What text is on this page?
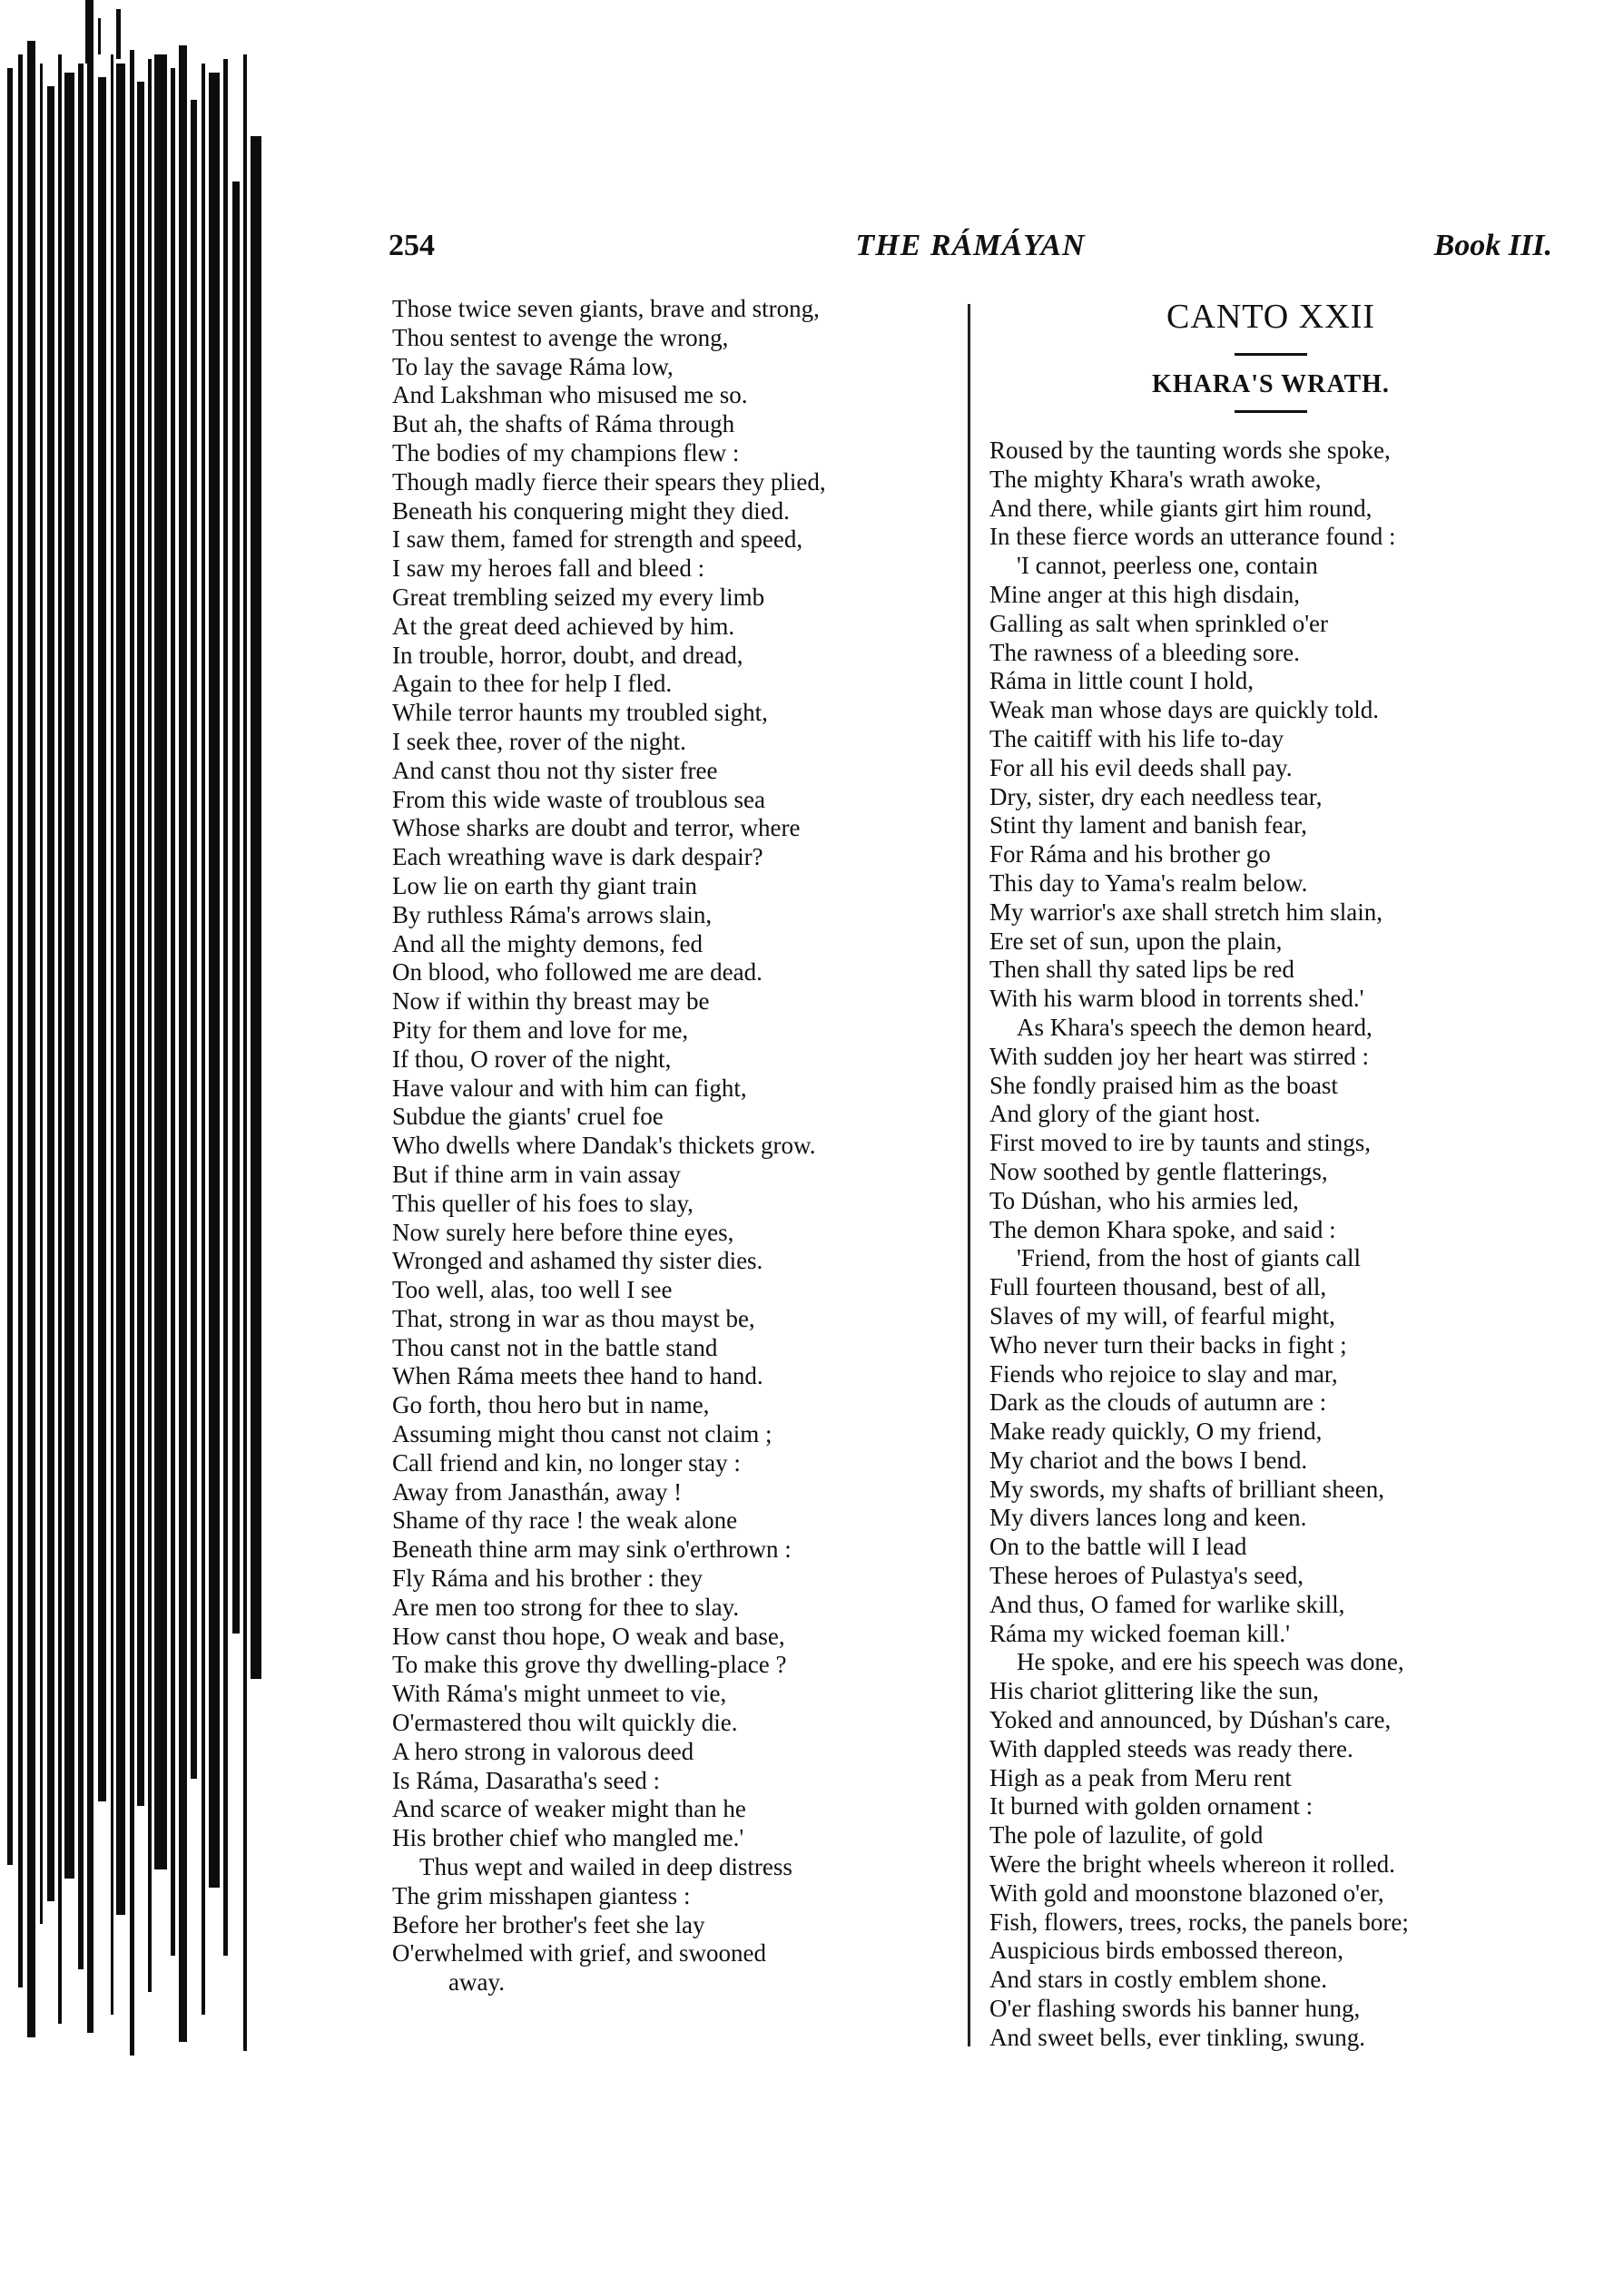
254	THE RÁMÁYAN	Book III.
Those twice seven giants, brave and strong,
Thou sentest to avenge the wrong,
To lay the savage Ráma low,
And Lakshman who misused me so.
But ah, the shafts of Ráma through
The bodies of my champions flew :
Though madly fierce their spears they plied,
Beneath his conquering might they died.
I saw them, famed for strength and speed,
I saw my heroes fall and bleed :
Great trembling seized my every limb
At the great deed achieved by him.
In trouble, horror, doubt, and dread,
Again to thee for help I fled.
While terror haunts my troubled sight,
I seek thee, rover of the night.
And canst thou not thy sister free
From this wide waste of troublous sea
Whose sharks are doubt and terror, where
Each wreathing wave is dark despair?
Low lie on earth thy giant train
By ruthless Ráma's arrows slain,
And all the mighty demons, fed
On blood, who followed me are dead.
Now if within thy breast may be
Pity for them and love for me,
If thou, O rover of the night,
Have valour and with him can fight,
Subdue the giants' cruel foe
Who dwells where Dandak's thickets grow.
But if thine arm in vain assay
This queller of his foes to slay,
Now surely here before thine eyes,
Wronged and ashamed thy sister dies.
Too well, alas, too well I see
That, strong in war as thou mayst be,
Thou canst not in the battle stand
When Ráma meets thee hand to hand.
Go forth, thou hero but in name,
Assuming might thou canst not claim ;
Call friend and kin, no longer stay :
Away from Janasthán, away !
Shame of thy race ! the weak alone
Beneath thine arm may sink o'erthrown :
Fly Ráma and his brother : they
Are men too strong for thee to slay.
How canst thou hope, O weak and base,
To make this grove thy dwelling-place ?
With Ráma's might unmeet to vie,
O'ermastered thou wilt quickly die.
A hero strong in valorous deed
Is Ráma, Dasaratha's seed :
And scarce of weaker might than he
His brother chief who mangled me.'
Thus wept and wailed in deep distress
The grim misshapen giantess :
Before her brother's feet she lay
O'erwhelmed with grief, and swooned
away.
CANTO XXII
KHARA'S WRATH.
Roused by the taunting words she spoke,
The mighty Khara's wrath awoke,
And there, while giants girt him round,
In these fierce words an utterance found :
'I cannot, peerless one, contain
Mine anger at this high disdain,
Galling as salt when sprinkled o'er
The rawness of a bleeding sore.
Ráma in little count I hold,
Weak man whose days are quickly told.
The caitiff with his life to-day
For all his evil deeds shall pay.
Dry, sister, dry each needless tear,
Stint thy lament and banish fear,
For Ráma and his brother go
This day to Yama's realm below.
My warrior's axe shall stretch him slain,
Ere set of sun, upon the plain,
Then shall thy sated lips be red
With his warm blood in torrents shed.'
As Khara's speech the demon heard,
With sudden joy her heart was stirred :
She fondly praised him as the boast
And glory of the giant host.
First moved to ire by taunts and stings,
Now soothed by gentle flatterings,
To Dúshan, who his armies led,
The demon Khara spoke, and said :
'Friend, from the host of giants call
Full fourteen thousand, best of all,
Slaves of my will, of fearful might,
Who never turn their backs in fight ;
Fiends who rejoice to slay and mar,
Dark as the clouds of autumn are :
Make ready quickly, O my friend,
My chariot and the bows I bend.
My swords, my shafts of brilliant sheen,
My divers lances long and keen.
On to the battle will I lead
These heroes of Pulastya's seed,
And thus, O famed for warlike skill,
Ráma my wicked foeman kill.'
He spoke, and ere his speech was done,
His chariot glittering like the sun,
Yoked and announced, by Dúshan's care,
With dappled steeds was ready there.
High as a peak from Meru rent
It burned with golden ornament :
The pole of lazulite, of gold
Were the bright wheels whereon it rolled.
With gold and moonstone blazoned o'er,
Fish, flowers, trees, rocks, the panels bore;
Auspicious birds embossed thereon,
And stars in costly emblem shone.
O'er flashing swords his banner hung,
And sweet bells, ever tinkling, swung.
